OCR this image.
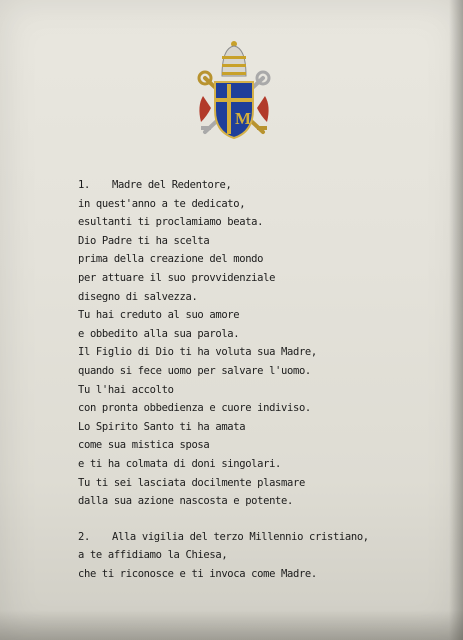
M
1. Madre del Redentore,
in quest'anno a te dedicato,
esultanti ti proclamiamo beata.
Dio Padre ti ha scelta
prima della creazione del mondo
per attuare il suo provvidenziale
disegno di salvezza.
Tu hai creduto al suo amore
e obbedito alla sua parola.
Il Figlio di Dio ti ha voluta sua Madre,
quando si fece uomo per salvare l'uomo.
Tu l'hai accolto
con pronta obbedienza e cuore indiviso.
Lo Spirito Santo ti ha amata
come sua mistica sposa
e ti ha colmata di doni singolari.
Tu ti sei lasciata docilmente plasmare
dalla sua azione nascosta e potente.
2. Alla vigilia del terzo Millennio cristiano,
a te affidiamo la Chiesa,
che ti riconosce e ti invoca come Madre.
